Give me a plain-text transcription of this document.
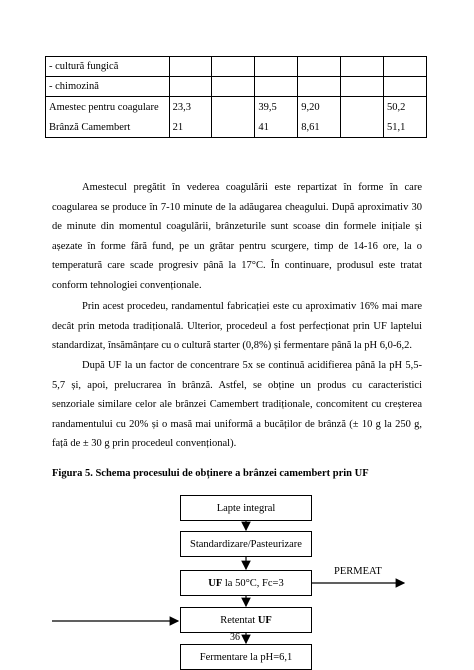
- cultură fungică						
- chimozină						
Amestec pentru coagulare	23,3		39,5	9,20		50,2
Brânză Camembert	21		41	8,61		51,1

Amestecul pregătit în vederea coagulării este repartizat în forme în care coagularea se produce în 7-10 minute de la adăugarea cheagului. După aproximativ 30 de minute din momentul coagulării, brânzeturile sunt scoase din formele inițiale și așezate în forme fără fund, pe un grătar pentru scurgere, timp de 14-16 ore, la o temperatură care scade progresiv până la 17°C. În continuare, produsul este tratat conform tehnologiei convenționale.

Prin acest procedeu, randamentul fabricației este cu aproximativ 16% mai mare decât prin metoda tradițională. Ulterior, procedeul a fost perfecționat prin UF laptelui standardizat, însămânțare cu o cultură starter (0,8%) și fermentare până la pH 6,0-6,2.

După UF la un factor de concentrare 5x se continuă acidifierea până la pH 5,5-5,7 și, apoi, prelucrarea în brânză. Astfel, se obține un produs cu caracteristici senzoriale similare celor ale brânzei Camembert tradiționale, concomitent cu creșterea randamentului cu 20% și o masă mai uniformă a bucăților de brânză (± 10 g la 250 g, față de ± 30 g prin procedeul convențional).

Figura 5. Schema procesului de obținere a brânzei camembert prin UF

Lapte integral
Standardizare/Pasteurizare
UF la 50°C, Fc=3
Retentat UF
Fermentare la pH=6,1
PERMEAT
36
